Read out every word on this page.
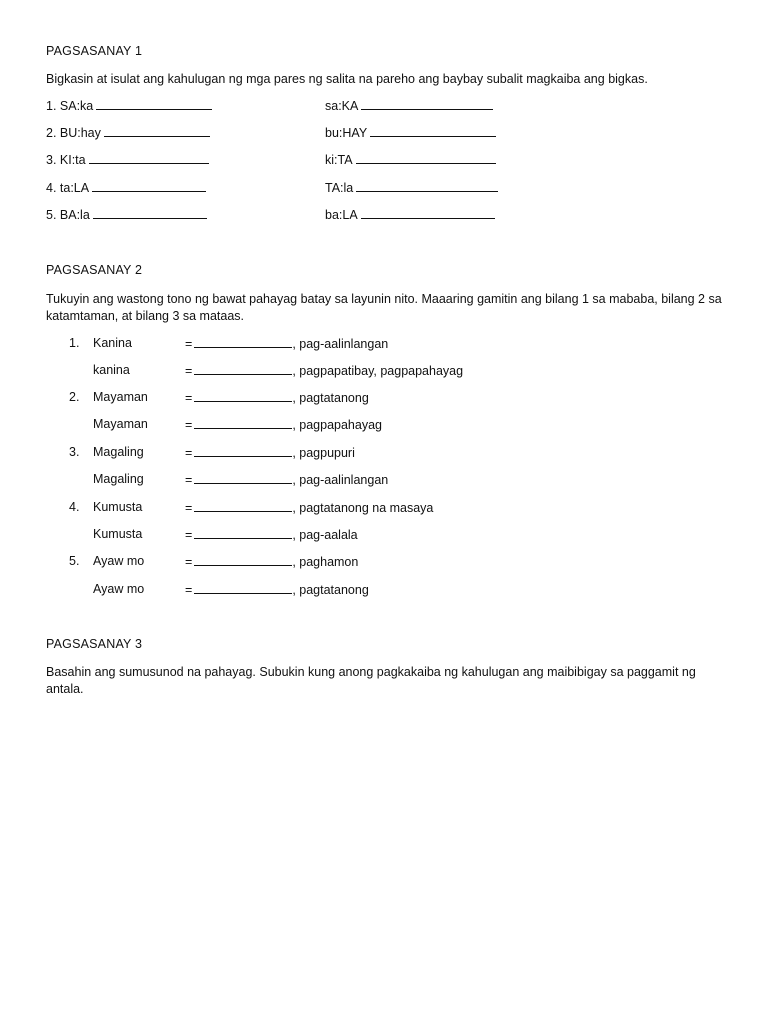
PAGSASANAY 1
Bigkasin at isulat ang kahulugan ng mga pares ng salita na pareho ang baybay subalit magkaiba ang bigkas.
1. SA:ka	sa:KA
2. BU:hay	bu:HAY
3. KI:ta	ki:TA
4. ta:LA	TA:la
5. BA:la	ba:LA
PAGSASANAY 2
Tukuyin ang wastong tono ng bawat pahayag batay sa layunin nito. Maaaring gamitin ang bilang 1 sa mababa, bilang 2 sa katamtaman, at bilang 3 sa mataas.
1. Kanina	=	, pag-aalinlangan
kanina	=	, pagpapatibay, pagpapahayag
2. Mayaman	=	, pagtatanong
Mayaman	=	, pagpapahayag
3. Magaling	=	, pagpupuri
Magaling	=	, pag-aalinlangan
4. Kumusta	=	, pagtatanong na masaya
Kumusta	=	, pag-aalala
5. Ayaw mo	=	, paghamon
Ayaw mo	=	, pagtatanong
PAGSASANAY 3
Basahin ang sumusunod na pahayag. Subukin kung anong pagkakaiba ng kahulugan ang maibibigay sa paggamit ng antala.
